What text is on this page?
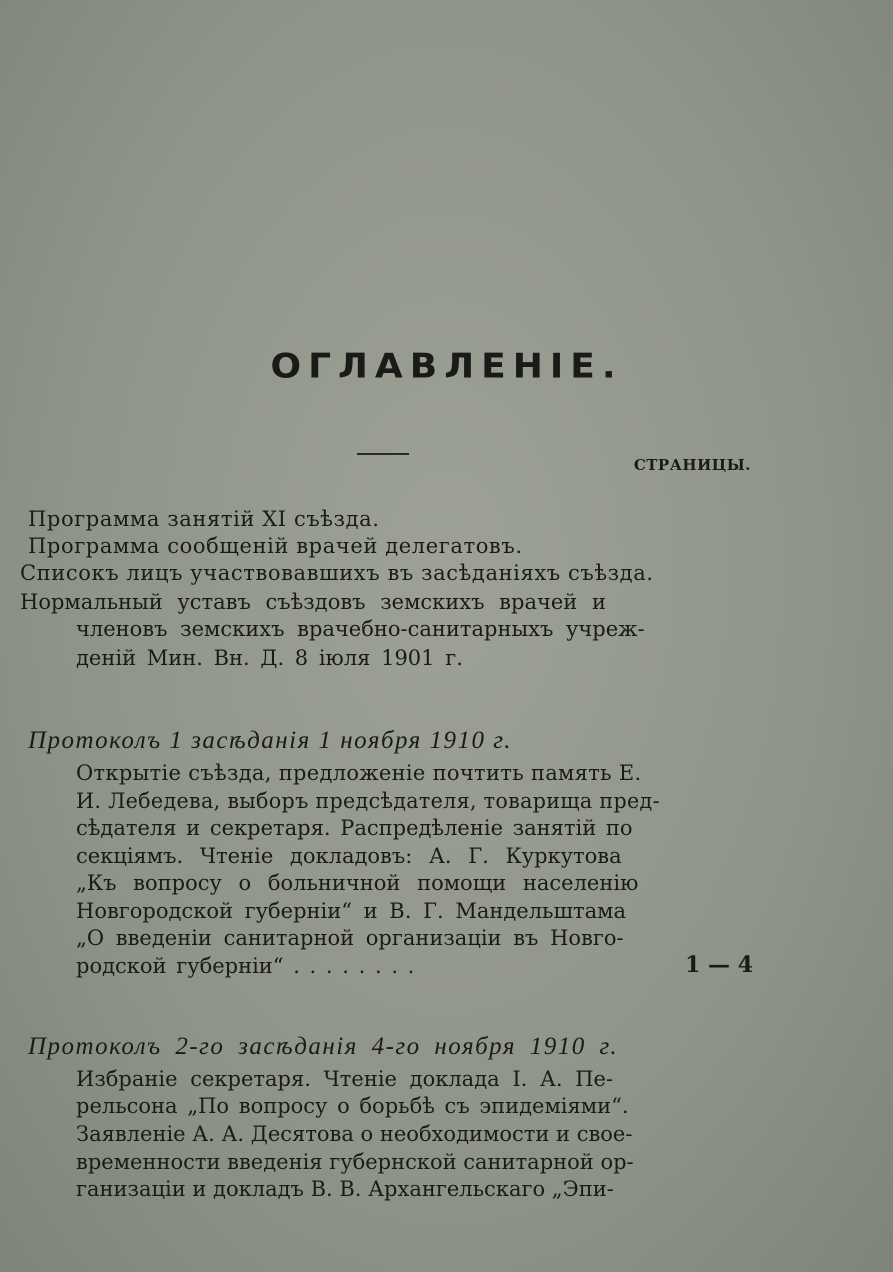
ОГЛАВЛЕНІЕ.
СТРАНИЦЫ.
Программа занятій XI съѣзда.
Программа сообщеній врачей делегатовъ.
Списокъ лицъ участвовавшихъ въ засѣданіяхъ съѣзда.
Нормальный уставъ съѣздовъ земскихъ врачей и
членовъ земскихъ врачебно-санитарныхъ учреж-
деній Мин. Вн. Д. 8 іюля 1901 г.
Протоколъ 1 засѣданія 1 ноября 1910 г.
Открытіе съѣзда, предложеніе почтить память Е.
И. Лебедева, выборъ предсѣдателя, товарища пред-
сѣдателя и секретаря. Распредѣленіе занятій по
секціямъ. Чтеніе докладовъ: А. Г. Куркутова
„Къ вопросу о больничной помощи населенію
Новгородской губерніи“ и В. Г. Мандельштама
„О введеніи санитарной организаціи въ Новго-
родской губерніи“ . . . . . . . .	1 — 4
Протоколъ 2-го засѣданія 4-го ноября 1910 г.
Избраніе секретаря. Чтеніе доклада І. А. Пе-
рельсона „По вопросу о борьбѣ съ эпидеміями“.
Заявленіе А. А. Десятова о необходимости и свое-
временности введенія губернской санитарной ор-
ганизаціи и докладъ В. В. Архангельскаго „Эпи-
